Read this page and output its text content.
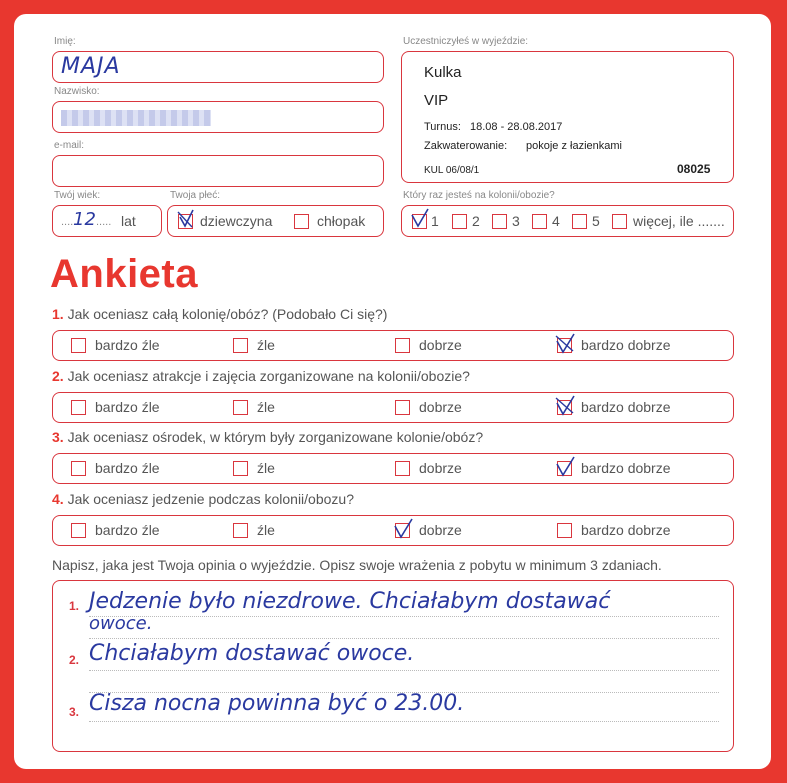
Imię:
MAJA
Nazwisko:
e-mail:
Twój wiek:
.....
12 ..... lat
Twoja płeć:
dziewczyna	chłopak
Uczestniczyłeś w wyjeździe:
Kulka
VIP
Turnus: 18.08 - 28.08.2017
Zakwaterowanie: pokoje z łazienkami
KUL 06/08/1	08025
Który raz jesteś na kolonii/obozie?
1 2 3 4 5 więcej, ile .......
Ankieta
1. Jak oceniasz całą kolonię/obóz? (Podobało Ci się?)
bardzo źle	źle	dobrze	bardzo dobrze
2. Jak oceniasz atrakcje i zajęcia zorganizowane na kolonii/obozie?
bardzo źle	źle	dobrze	bardzo dobrze
3. Jak oceniasz ośrodek, w którym były zorganizowane kolonie/obóz?
bardzo źle	źle	dobrze	bardzo dobrze
4. Jak oceniasz jedzenie podczas kolonii/obozu?
bardzo źle	źle	dobrze	bardzo dobrze
Napisz, jaka jest Twoja opinia o wyjeździe. Opisz swoje wrażenia z pobytu w minimum 3 zdaniach.
1. Jedzenie było niezdrowe. Chciałabym dostawać
owoce.
2. Chciałabym dostawać owoce.
3. Cisza nocna powinna być o 23.00.
